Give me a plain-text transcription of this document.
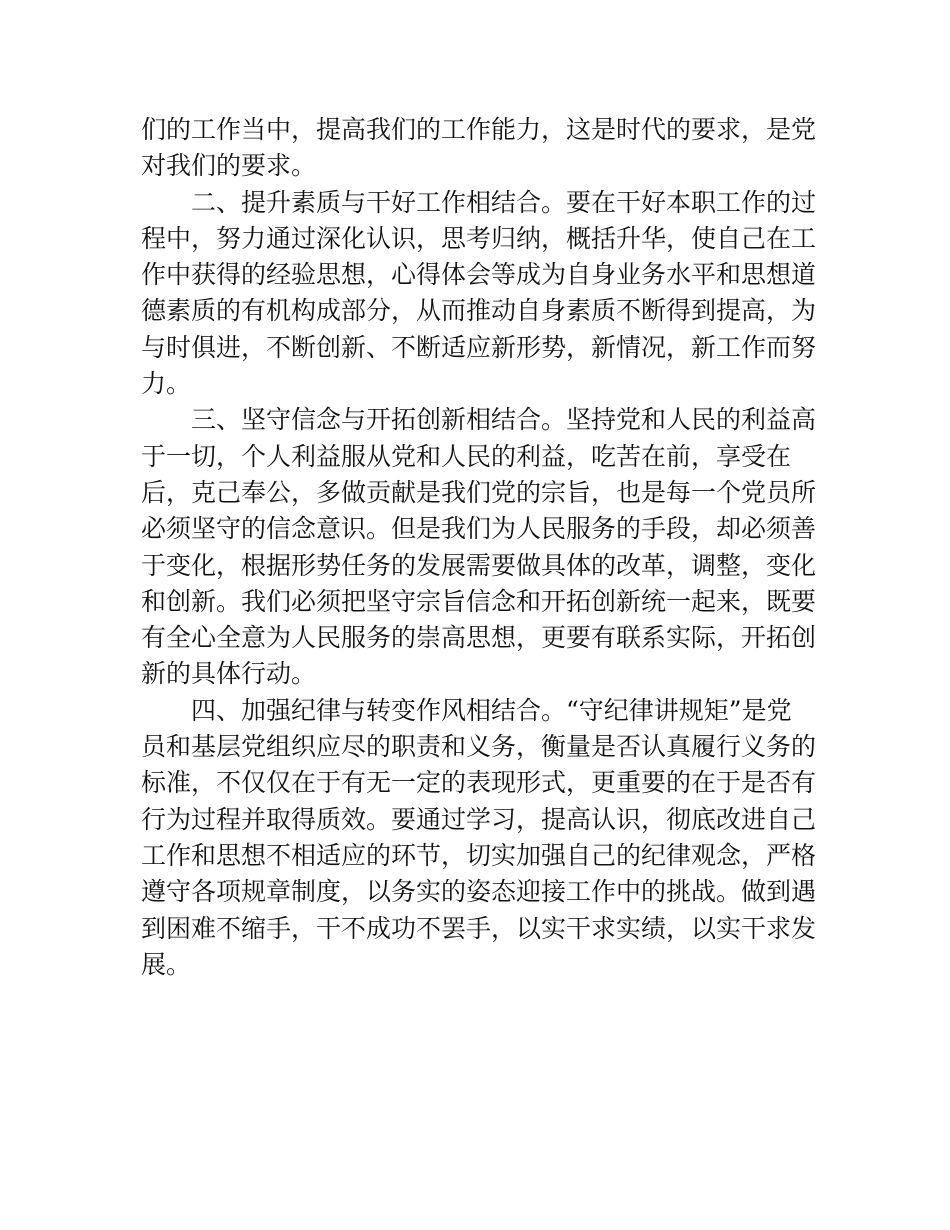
们的工作当中，提高我们的工作能力，这是时代的要求，是党
对我们的要求。
二、提升素质与干好工作相结合。要在干好本职工作的过
程中，努力通过深化认识，思考归纳，概括升华，使自己在工
作中获得的经验思想，心得体会等成为自身业务水平和思想道
德素质的有机构成部分，从而推动自身素质不断得到提高，为
与时俱进，不断创新、不断适应新形势，新情况，新工作而努
力。
三、坚守信念与开拓创新相结合。坚持党和人民的利益高
于一切，个人利益服从党和人民的利益，吃苦在前，享受在
后，克己奉公，多做贡献是我们党的宗旨，也是每一个党员所
必须坚守的信念意识。但是我们为人民服务的手段，却必须善
于变化，根据形势任务的发展需要做具体的改革，调整，变化
和创新。我们必须把坚守宗旨信念和开拓创新统一起来，既要
有全心全意为人民服务的崇高思想，更要有联系实际，开拓创
新的具体行动。
四、加强纪律与转变作风相结合。“守纪律讲规矩”是党
员和基层党组织应尽的职责和义务，衡量是否认真履行义务的
标准，不仅仅在于有无一定的表现形式，更重要的在于是否有
行为过程并取得质效。要通过学习，提高认识，彻底改进自己
工作和思想不相适应的环节，切实加强自己的纪律观念，严格
遵守各项规章制度，以务实的姿态迎接工作中的挑战。做到遇
到困难不缩手，干不成功不罢手，以实干求实绩，以实干求发
展。
